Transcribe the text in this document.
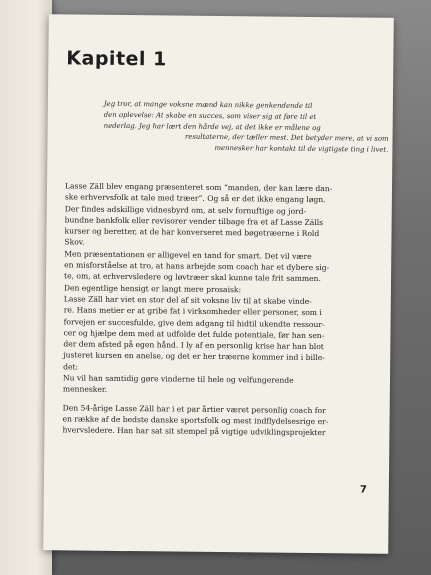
Kapitel 1

Jeg tror, at mange voksne mænd kan nikke genkendende til
den oplevelse: At skabe en succes, som viser sig at føre til et
nederlag. Jeg har lært den hårde vej, at det ikke er målene og
resultaterne, der tæller mest. Det betyder mere, at vi som
mennesker har kontakt til de vigtigste ting i livet.

Lasse Zäll blev engang præsenteret som “manden, der kan lære dan-
ske erhvervsfolk at tale med træer”. Og så er det ikke engang løgn.
Der findes adskillige vidnesbyrd om, at selv fornuftige og jord-
bundne bankfolk eller revisorer vender tilbage fra et af Lasse Zälls
kurser og beretter, at de har konverseret med bøgetræerne i Rold
Skov.
Men præsentationen er alligevel en tand for smart. Det vil være
en misforståelse at tro, at hans arbejde som coach har et dybere sig-
te, om, at erhvervsledere og løvtræer skal kunne tale frit sammen.
Den egentlige hensigt er langt mere prosaisk:
Lasse Zäll har viet en stor del af sit voksne liv til at skabe vinde-
re. Hans metier er at gribe fat i virksomheder eller personer, som i
forvejen er succesfulde, give dem adgang til hidtil ukendte ressour-
cer og hjælpe dem med at udfolde det fulde potentiale, før han sen-
der dem afsted på egen hånd. I ly af en personlig krise har han blot
justeret kursen en anelse, og det er her træerne kommer ind i bille-
det:
Nu vil han samtidig gøre vinderne til hele og velfungerende
mennesker.
Den 54-årige Lasse Zäll har i et par årtier været personlig coach for
en række af de bedste danske sportsfolk og mest indflydelsesrige er-
hvervsledere. Han har sat sit stempel på vigtige udviklingsprojekter
7
